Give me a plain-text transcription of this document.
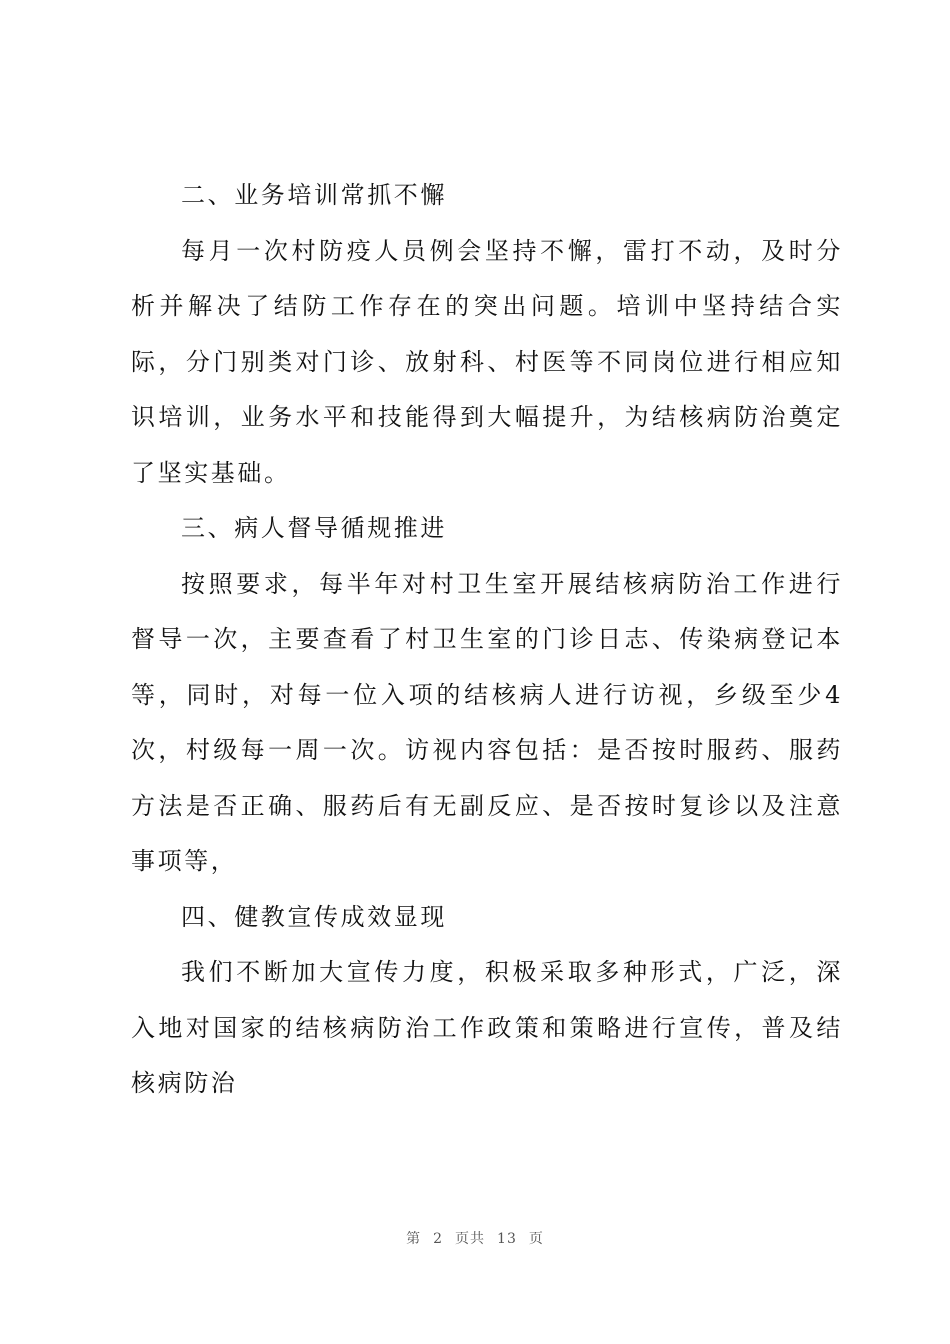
二、业务培训常抓不懈

每月一次村防疫人员例会坚持不懈，雷打不动，及时分析并解决了结防工作存在的突出问题。培训中坚持结合实际，分门别类对门诊、放射科、村医等不同岗位进行相应知识培训，业务水平和技能得到大幅提升，为结核病防治奠定了坚实基础。

三、病人督导循规推进

按照要求，每半年对村卫生室开展结核病防治工作进行督导一次，主要查看了村卫生室的门诊日志、传染病登记本等，同时，对每一位入项的结核病人进行访视，乡级至少4次，村级每一周一次。访视内容包括：是否按时服药、服药方法是否正确、服药后有无副反应、是否按时复诊以及注意事项等，

四、健教宣传成效显现

我们不断加大宣传力度，积极采取多种形式，广泛，深入地对国家的结核病防治工作政策和策略进行宣传，普及结核病防治

第 2 页共 13 页
